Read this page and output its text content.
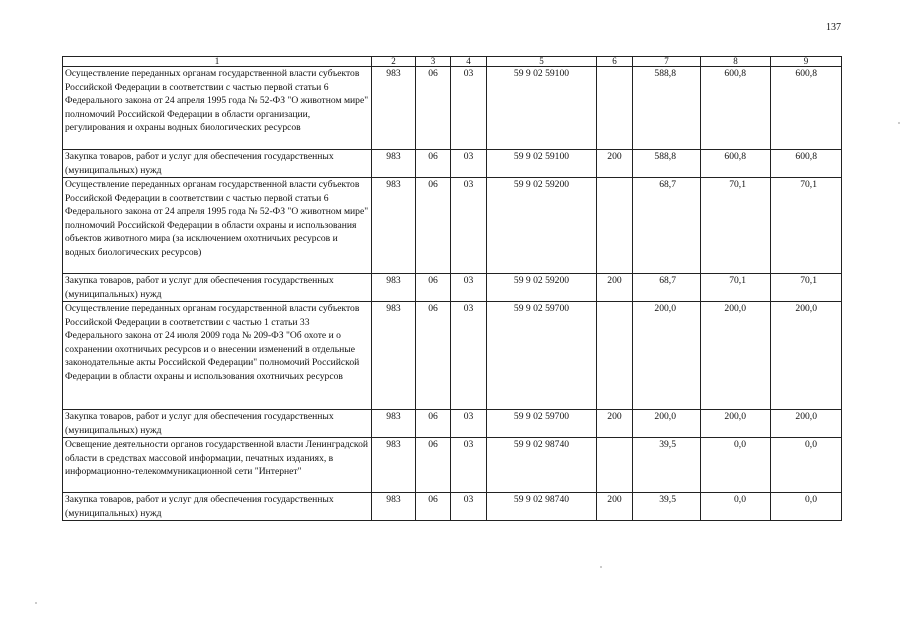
137
1	2	3	4	5	6	7	8	9
Осуществление переданных органам государственной власти субъектов Российской Федерации в соответствии с частью первой статьи 6 Федерального закона от 24 апреля 1995 года № 52-ФЗ "О животном мире" полномочий Российской Федерации в области организации, регулирования и охраны водных биологических ресурсов	983	06	03	59 9 02 59100		588,8	600,8	600,8
Закупка товаров, работ и услуг для обеспечения государственных (муниципальных) нужд	983	06	03	59 9 02 59100	200	588,8	600,8	600,8
Осуществление переданных органам государственной власти субъектов Российской Федерации в соответствии с частью первой статьи 6 Федерального закона от 24 апреля 1995 года № 52-ФЗ "О животном мире" полномочий Российской Федерации в области охраны и использования объектов животного мира (за исключением охотничьих ресурсов и водных биологических ресурсов)	983	06	03	59 9 02 59200		68,7	70,1	70,1
Закупка товаров, работ и услуг для обеспечения государственных (муниципальных) нужд	983	06	03	59 9 02 59200	200	68,7	70,1	70,1
Осуществление переданных органам государственной власти субъектов Российской Федерации в соответствии с частью 1 статьи 33 Федерального закона от 24 июля 2009 года № 209-ФЗ "Об охоте и о сохранении охотничьих ресурсов и о внесении изменений в отдельные законодательные акты Российской Федерации" полномочий Российской Федерации в области охраны и использования охотничьих ресурсов	983	06	03	59 9 02 59700		200,0	200,0	200,0
Закупка товаров, работ и услуг для обеспечения государственных (муниципальных) нужд	983	06	03	59 9 02 59700	200	200,0	200,0	200,0
Освещение деятельности органов государственной власти Ленинградской области в средствах массовой информации, печатных изданиях, в информационно-телекоммуникационной сети "Интернет"	983	06	03	59 9 02 98740		39,5	0,0	0,0
Закупка товаров, работ и услуг для обеспечения государственных (муниципальных) нужд	983	06	03	59 9 02 98740	200	39,5	0,0	0,0
